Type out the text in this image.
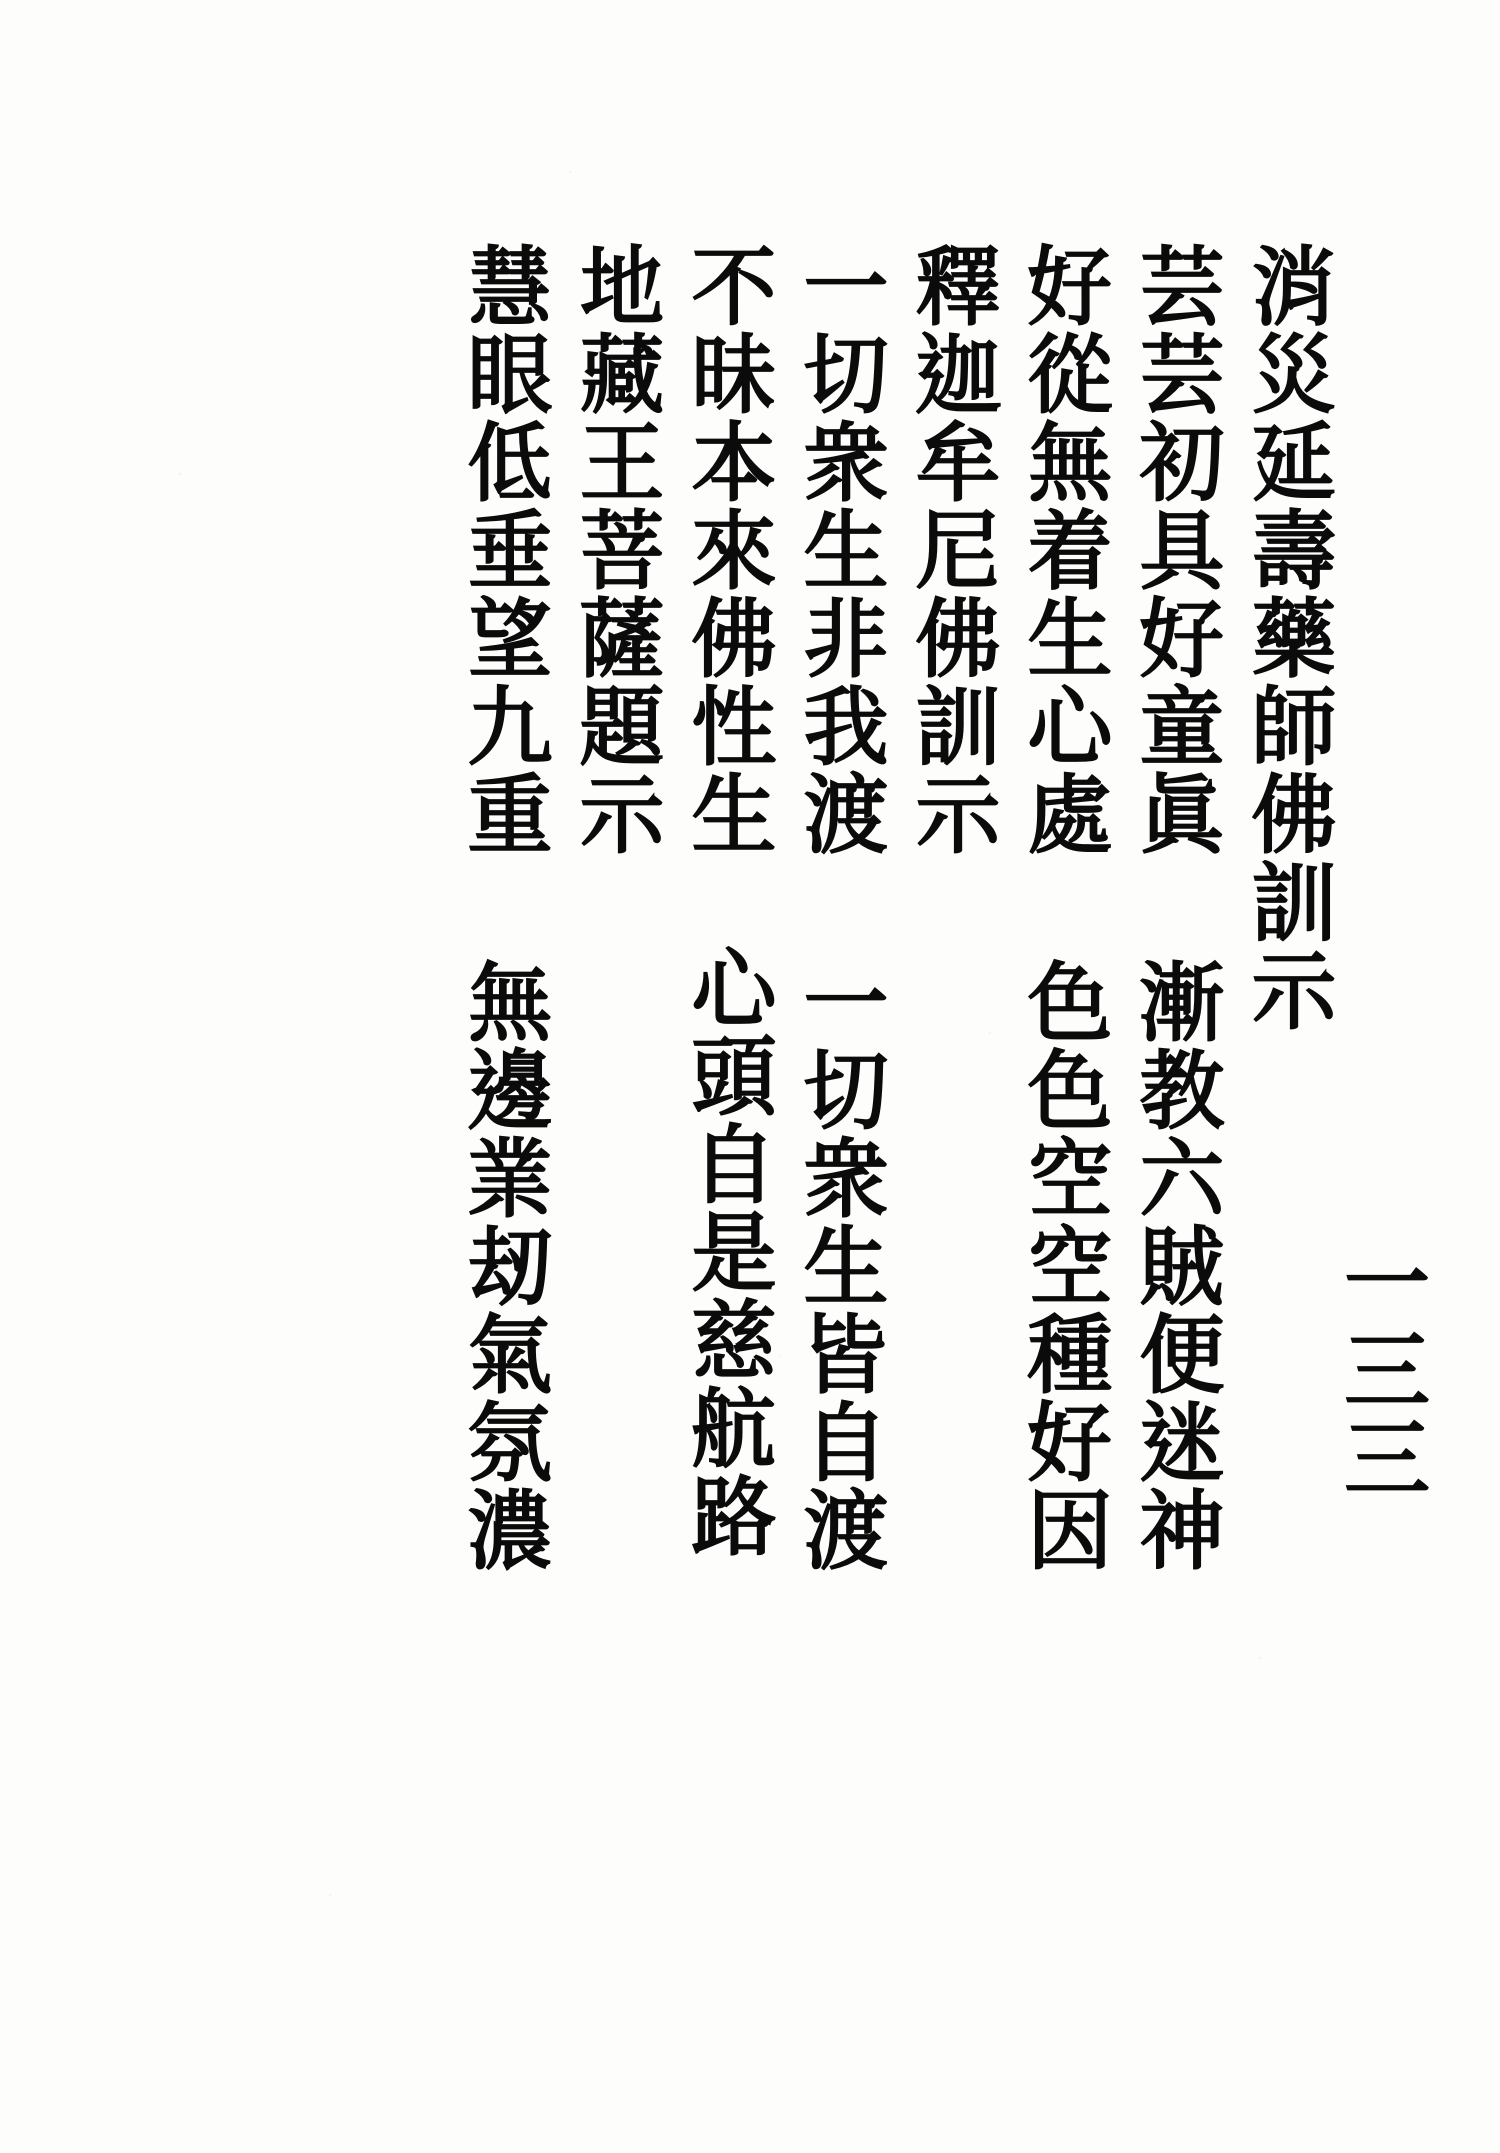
消
災
延
壽
藥
師
佛
訓
示
芸
芸
初
具
好
童
眞
漸
教
六
賊
便
迷
神
好
從
無
着
生
心
處
色
色
空
空
種
好
因
釋
迦
牟
尼
佛
訓
示
一
切
衆
生
非
我
渡
一
切
衆
生
皆
自
渡
不
昧
本
來
佛
性
生
心
頭
自
是
慈
航
路
地
藏
王
菩
薩
題
示
慧
眼
低
垂
望
九
重
無
邊
業
刼
氣
氛
濃
一
三
三
